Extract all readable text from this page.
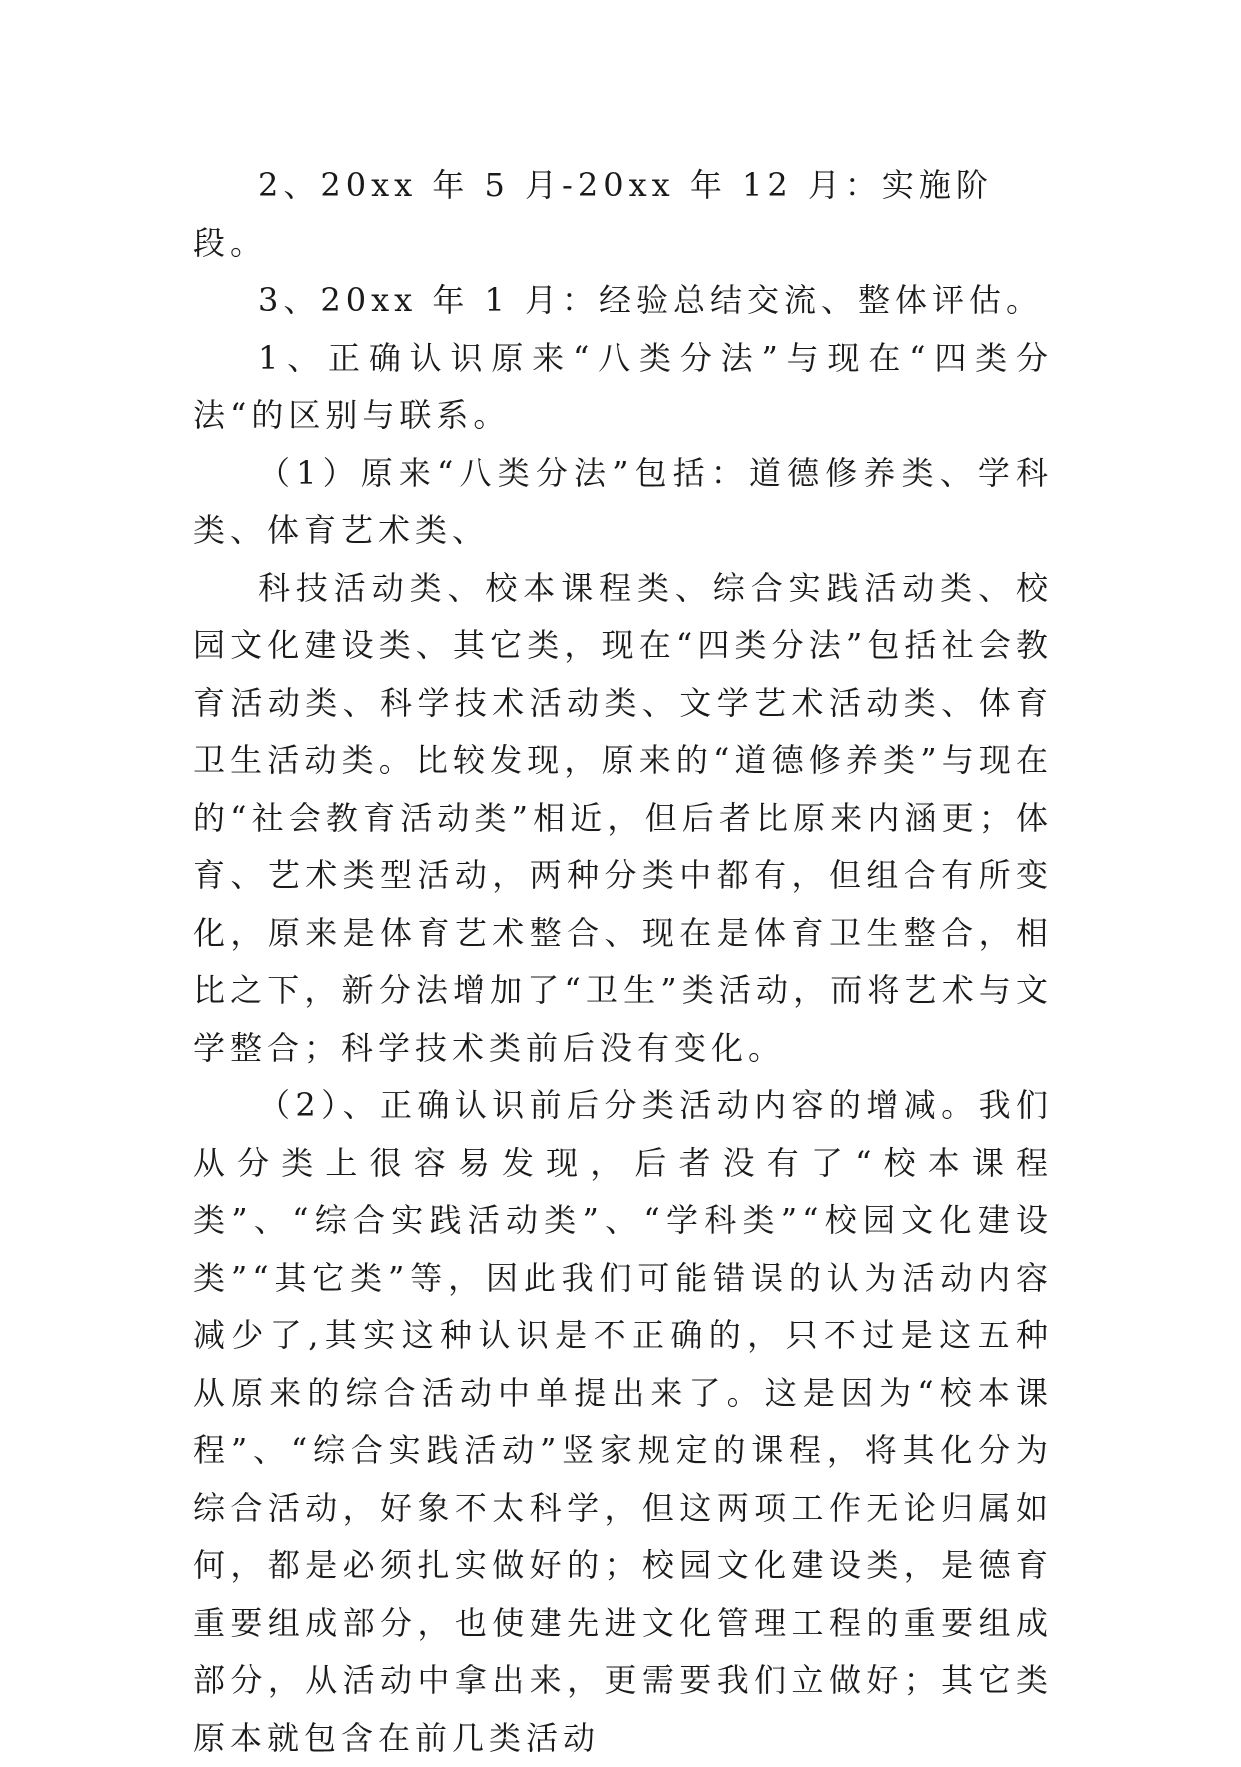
2、20xx 年 5 月-20xx 年 12 月：实施阶段。

3、20xx 年 1 月：经验总结交流、整体评估。

1、正确认识原来“八类分法”与现在“四类分法“的区别与联系。

（1）原来“八类分法”包括：道德修养类、学科类、体育艺术类、

科技活动类、校本课程类、综合实践活动类、校园文化建设类、其它类，现在“四类分法”包括社会教育活动类、科学技术活动类、文学艺术活动类、体育卫生活动类。比较发现，原来的“道德修养类”与现在的“社会教育活动类”相近，但后者比原来内涵更；体育、艺术类型活动，两种分类中都有，但组合有所变化，原来是体育艺术整合、现在是体育卫生整合，相比之下，新分法增加了“卫生”类活动，而将艺术与文学整合；科学技术类前后没有变化。

（2）、正确认识前后分类活动内容的增减。我们从分类上很容易发现，后者没有了“校本课程类”、“综合实践活动类”、“学科类”“校园文化建设类”“其它类”等，因此我们可能错误的认为活动内容减少了,其实这种认识是不正确的，只不过是这五种从原来的综合活动中单提出来了。这是因为“校本课程”、“综合实践活动”竖家规定的课程，将其化分为综合活动，好象不太科学，但这两项工作无论归属如何，都是必须扎实做好的；校园文化建设类，是德育重要组成部分，也使建先进文化管理工程的重要组成部分，从活动中拿出来，更需要我们立做好；其它类原本就包含在前几类活动
